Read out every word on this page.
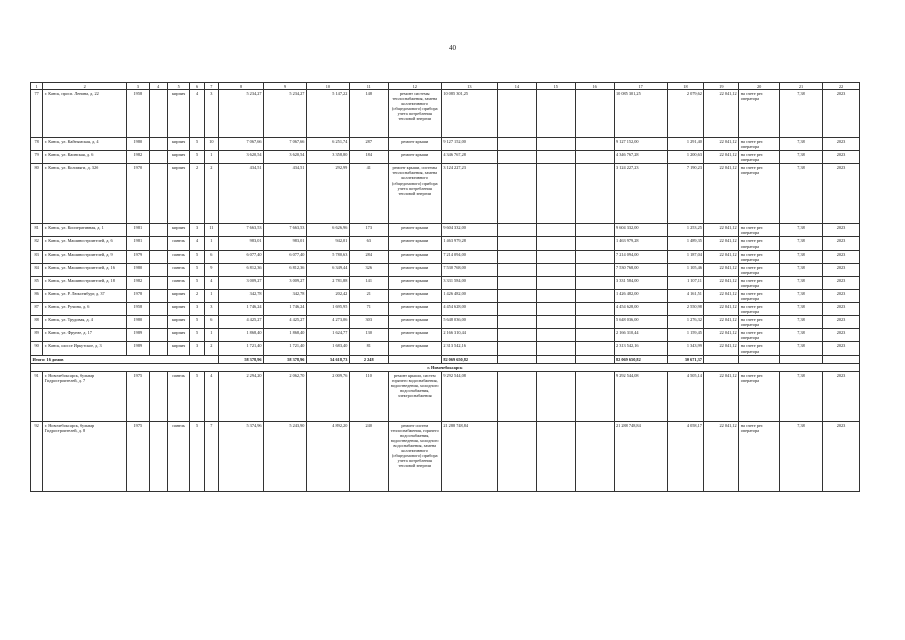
40
1	2	3	4	5	6	7	8	9	10	11	12	13	14	15	16	17	18	19	20	21	22
77	г. Канск, просп. Ленина, д. 22	1958		кирпич	4	3	5 234,27	5 234,27	5 147,22	148	ремонт системы теплоснабжения, замена коллективного (общедомового) прибора учета потребления тепловой энергии	10 085 301,25				10 085 301,25	2 079,62	22 041,12	на счете рег. оператора	7,38	2023
78	г. Канск, ул. Кайтымская, д. 4	1980		кирпич	5	10	7 067,66	7 067,66	6 251,74	287	ремонт крыши	9 127 152,00				9 127 152,00	1 291,40	22 041,12	на счете рег. оператора	7,38	2023
79	г. Канск, ул. Каинская, д. 6	1982		кирпич	5	1	3 620,54	3 620,54	3 358,80	184	ремонт крыши	4 346 767,28				4 346 767,28	1 200,63	22 041,12	на счете рег. оператора	7,38	2023
80	г. Канск, ул. Коломяги, д. 32б	1970		кирпич	2	2	434,51	434,51	292,99	41	ремонт крыши, системы теплоснабжения, замена коллективного (общедомового) прибора учета потребления тепловой энергии	3 124 227,23				3 124 227,23	7 190,23	22 041,12	на счете рег. оператора	7,38	2023
81	г. Канск, ул. Кооперативная, д. 1	1981		кирпич	3	11	7 663,53	7 663,53	6 626,96	173	ремонт крыши	9 604 332,00				9 604 332,00	1 253,25	22 041,12	на счете рег. оператора	7,38	2023
82	г. Канск, ул. Машиностроителей, д. 6	1981		панель	4	1	983,01	983,01	942,01	63	ремонт крыши	1 463 979,28				1 463 979,28	1 489,35	22 041,12	на счете рег. оператора	7,38	2023
83	г. Канск, ул. Машиностроителей, д. 9	1979		панель	5	6	6 077,40	6 077,40	5 780,63	284	ремонт крыши	7 214 094,00				7 214 094,00	1 187,04	22 041,12	на счете рег. оператора	7,38	2023
84	г. Канск, ул. Машиностроителей, д. 16	1980		панель	5	9	6 812,36	6 812,36	6 349,44	326	ремонт крыши	7 530 768,00				7 530 768,00	1 105,46	22 041,12	на счете рег. оператора	7,38	2023
85	г. Канск, ул. Машиностроителей, д. 18	1982		панель	5	4	3 009,27	3 009,27	2 781,88	141	ремонт крыши	3 331 584,00				3 331 584,00	1 107,11	22 041,12	на счете рег. оператора	7,38	2023
86	г. Канск, ул. Р. Люксембург, д. 37	1978		кирпич	2	1	342,78	342,78	202,42	21	ремонт крыши	1 426 482,00				1 426 482,00	4 161,51	22 041,12	на счете рег. оператора	7,38	2023
87	г. Канск, ул. Ручина, д. 6	1958		кирпич	3	3	1 746,24	1 746,24	1 695,95	71	ремонт крыши	4 454 628,00				4 454 628,00	2 550,98	22 041,12	на счете рег. оператора	7,38	2023
88	г. Канск, ул. Трудовая, д. 4	1980		кирпич	5	6	4 425,27	4 425,27	4 273,06	303	ремонт крыши	5 648 036,00				5 648 036,00	1 276,32	22 041,12	на счете рег. оператора	7,38	2023
89	г. Канск, ул. Фрунзе, д. 17	1989		кирпич	5	1	1 868,40	1 868,40	1 624,77	130	ремонт крыши	2 166 310,44				2 166 310,44	1 159,45	22 041,12	на счете рег. оператора	7,38	2023
90	г. Канск, шоссе Иркутское, д. 3	1989		кирпич	3	2	1 721,40	1 721,40	1 683,40	81	ремонт крыши	2 313 542,16				2 313 542,16	1 343,99	22 041,12	на счете рег. оператора	7,38	2023
Итого: 16 домов							58 378,96	58 378,96	54 618,73	2 248		82 069 650,82				82 069 650,82	30 671,37				
г. Новочебоксарск																					
91	г. Новочебоксарск, бульвар Гидростроителей, д. 7	1975		панель	5	4	2 294,20	2 062,70	2 009,76	110	ремонт крыши, систем горячего водоснабжения, водоотведения, холодного водоснабжения, электроснабжения	9 292 544,08				9 292 544,08	4 505,14	22 041,12	на счете рег. оператора	7,38	2023
92	г. Новочебоксарск, бульвар Гидростроителей, д. 8	1975		панель	5	7	5 374,96	5 243,90	4 892,20	240	ремонт систем теплоснабжения, горячего водоснабжения, водоотведения, холодного водоснабжения, замена коллективного (общедомового) прибора учета потребления тепловой энергии	21 288 748,84				21 288 748,84	4 058,17	22 041,12	на счете рег. оператора	7,38	2023
